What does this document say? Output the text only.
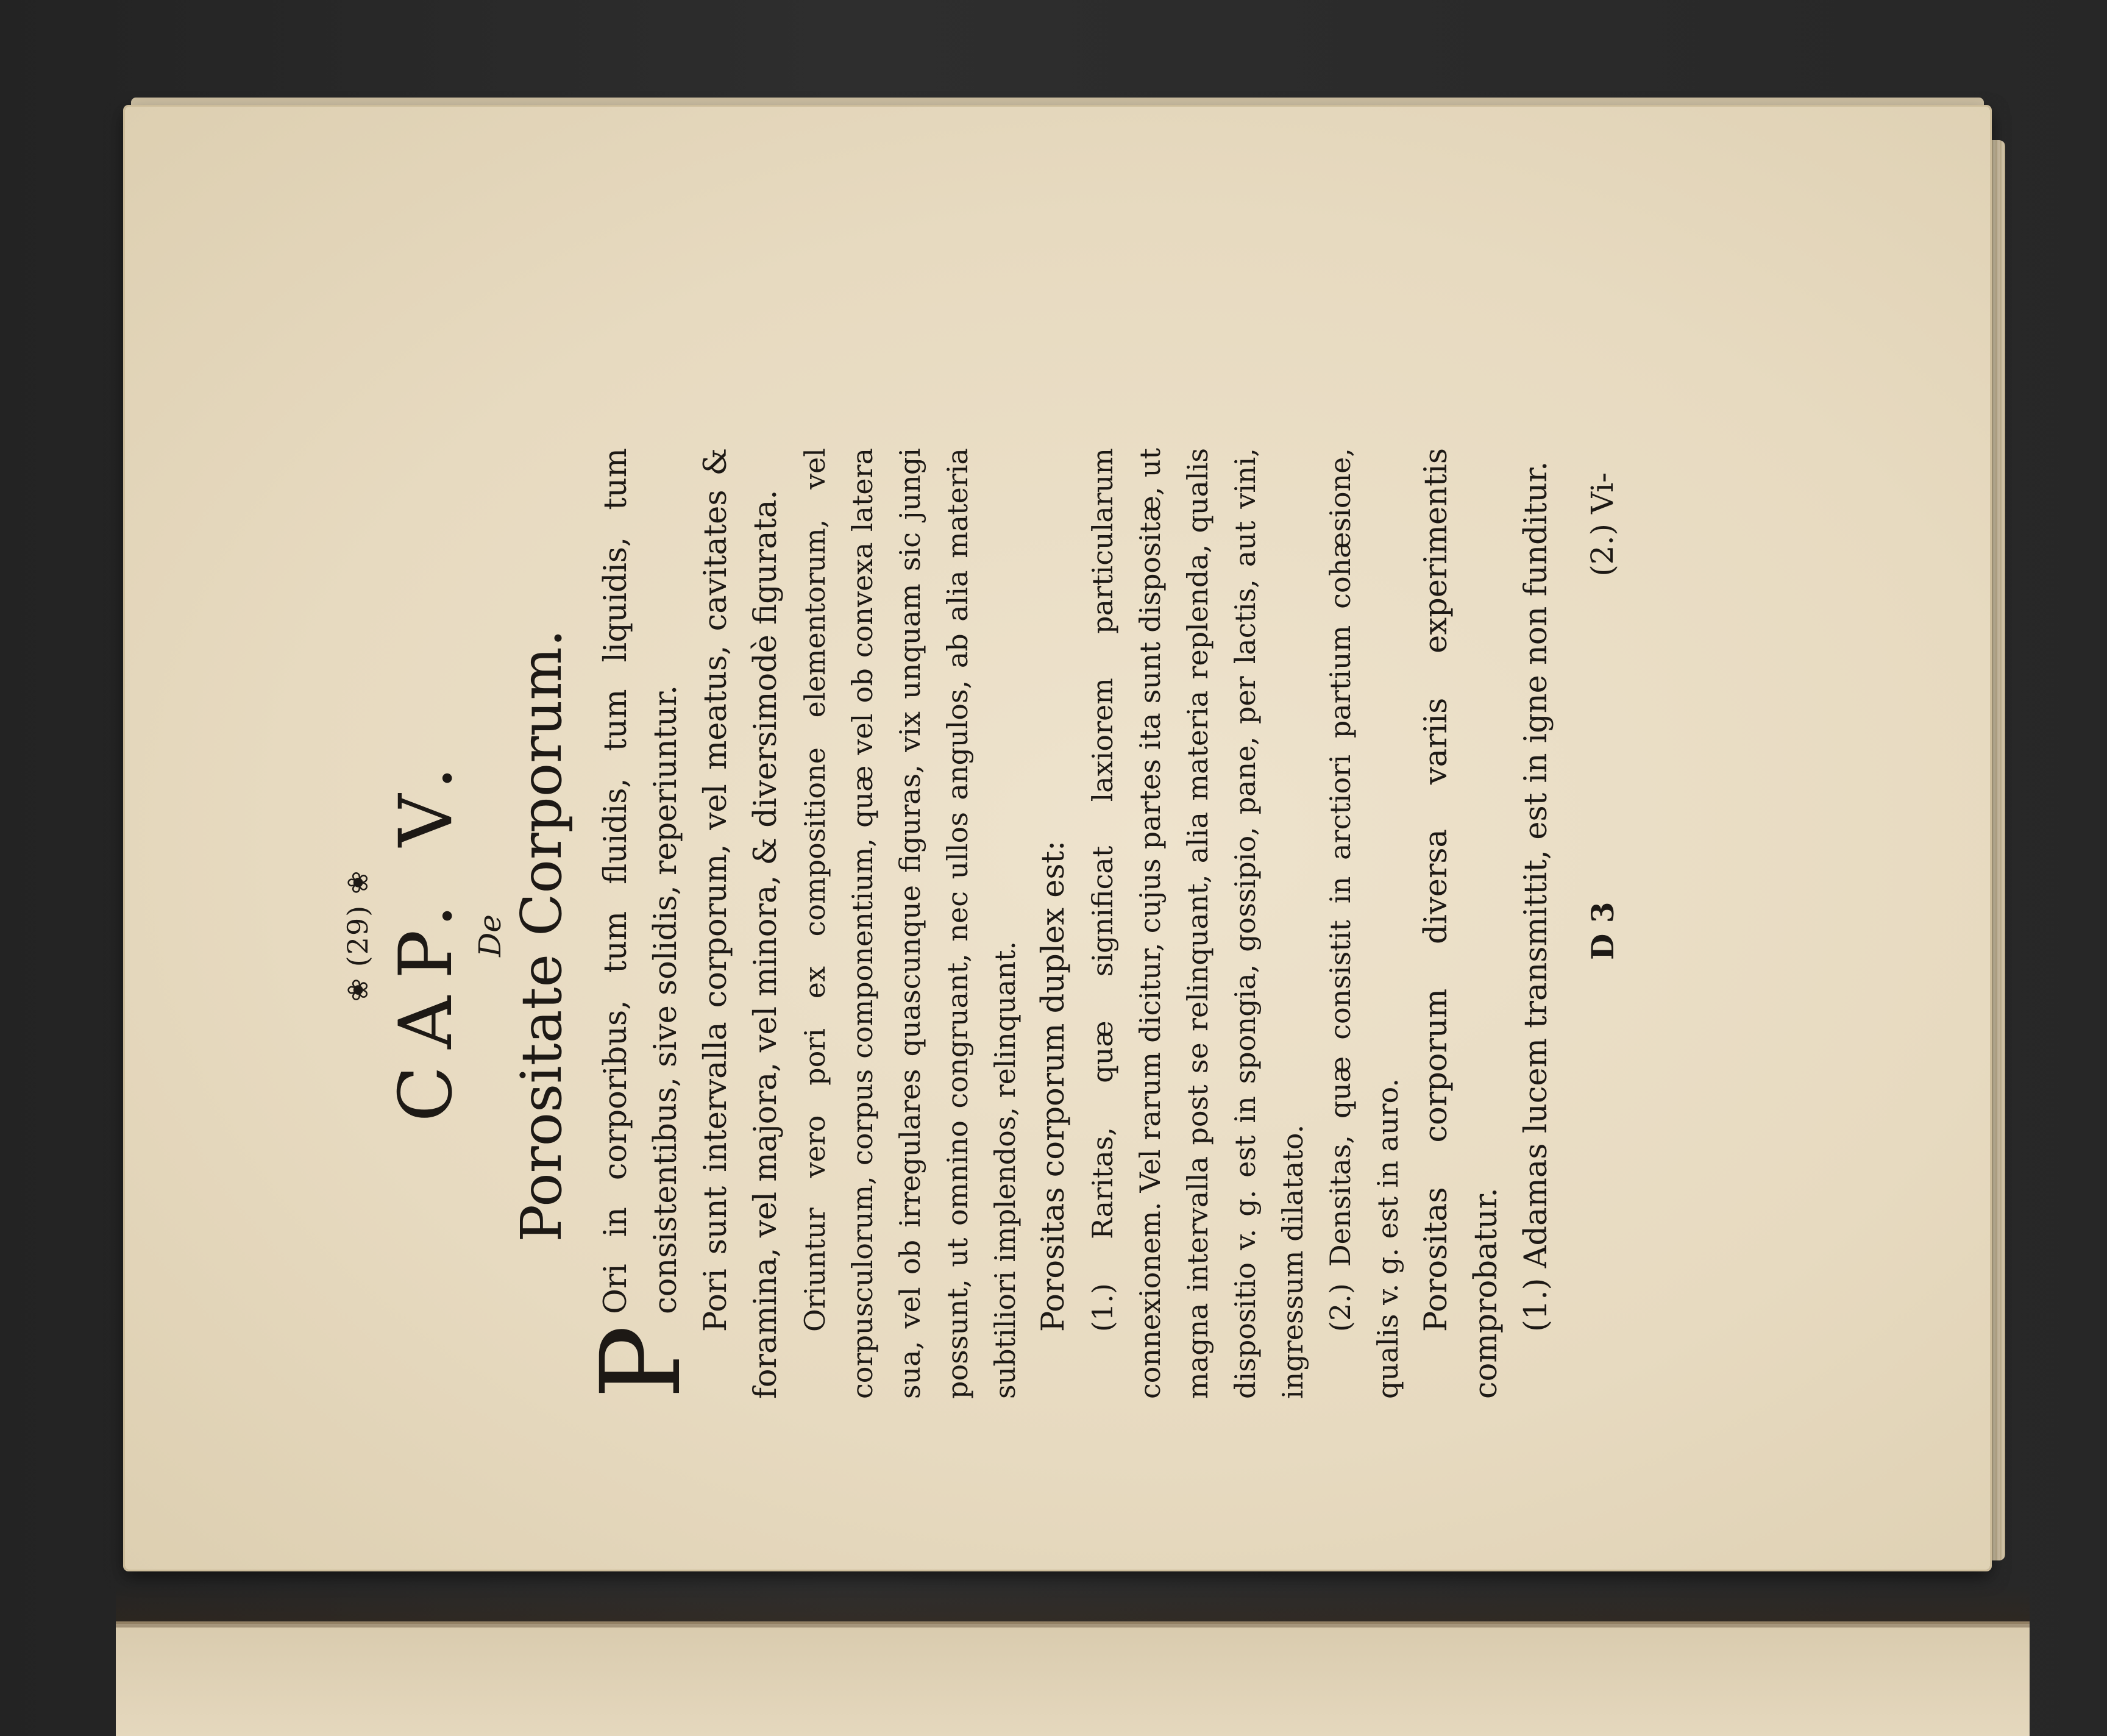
❀ (29) ❀ CAP. V. De Porositate Corporum.

P
Ori in corporibus, tum fluidis, tum liquidis, tum consistentibus, sive solidis, reperiuntur. Pori sunt intervalla corporum, vel meatus, cavitates & foramina, vel majora, vel minora, & diversimodè figurata. Oriuntur vero pori ex compositione elementorum, vel corpusculorum, corpus componentium, quæ vel ob convexa latera sua, vel ob irregulares quascunque figuras, vix unquam sic jungi possunt, ut omnino congruant, nec ullos angulos, ab alia materia subtiliori implendos, relinquant. Porositas corporum duplex est: (1.) Raritas, quæ significat laxiorem particularum connexionem. Vel rarum dicitur, cujus partes ita sunt dispositæ, ut magna intervalla post se relinquant, alia materia replenda, qualis dispositio v. g. est in spongia, gossipio, pane, per lactis, aut vini, ingressum dilatato. (2.) Densitas, quæ consistit in arctiori partium cohæsione, qualis v. g. est in auro. Porositas corporum diversa variis experimentis comprobatur. (1.) Adamas lucem transmittit, est in igne non funditur. D 3
(2.) Vi-
